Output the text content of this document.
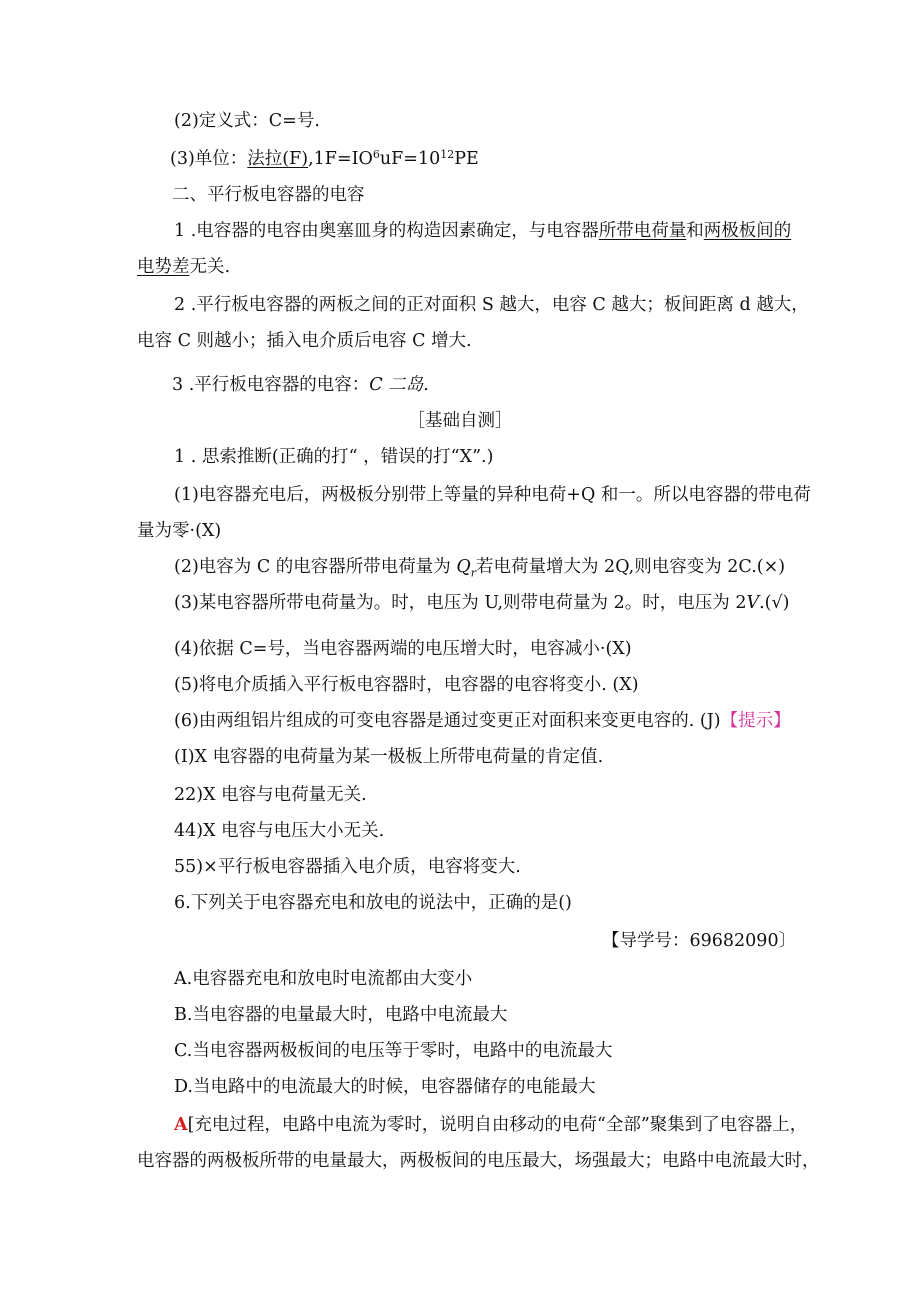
(2)定义式：C=号.
(3)单位：法拉$(F),1F=IO^6uF=10^{12}PE$
二、平行板电容器的电容
1 .电容器的电容由奥塞皿身的构造因素确定，与电容器所带电荷量和两极板间的
电势差无关.
2 .平行板电容器的两板之间的正对面积 S 越大，电容 C 越大；板间距离 d 越大，
电容 C 则越小；插入电介质后电容 C 增大.
3 .平行板电容器的电容：C 二岛.
［基础自测］
1 . 思索推断(正确的打“ ，错误的打“X”.)
(1)电容器充电后，两极板分别带上等量的异种电荷+Q 和一。所以电容器的带电荷
量为零·(X)
(2)电容为 C 的电容器所带电荷量为 $Q_r$若电荷量增大为 2Q,则电容变为 2C.(×)
(3)某电容器所带电荷量为。时，电压为 U,则带电荷量为 2。时，电压为 2V.(√)
(4)依据 C=号，当电容器两端的电压增大时，电容减小·(X)
(5)将电介质插入平行板电容器时，电容器的电容将变小. (X)
(6)由两组铝片组成的可变电容器是通过变更正对面积来变更电容的. (J)【提示】
(I)X 电容器的电荷量为某一极板上所带电荷量的肯定值.
22)X 电容与电荷量无关.
44)X 电容与电压大小无关.
55)×平行板电容器插入电介质，电容将变大.
6.下列关于电容器充电和放电的说法中，正确的是()
【导学号：69682090〕
A.电容器充电和放电时电流都由大变小
B.当电容器的电量最大时，电路中电流最大
C.当电容器两极板间的电压等于零时，电路中的电流最大
D.当电路中的电流最大的时候，电容器储存的电能最大
A[充电过程，电路中电流为零时，说明自由移动的电荷“全部”聚集到了电容器上，
电容器的两极板所带的电量最大，两极板间的电压最大，场强最大；电路中电流最大时，
